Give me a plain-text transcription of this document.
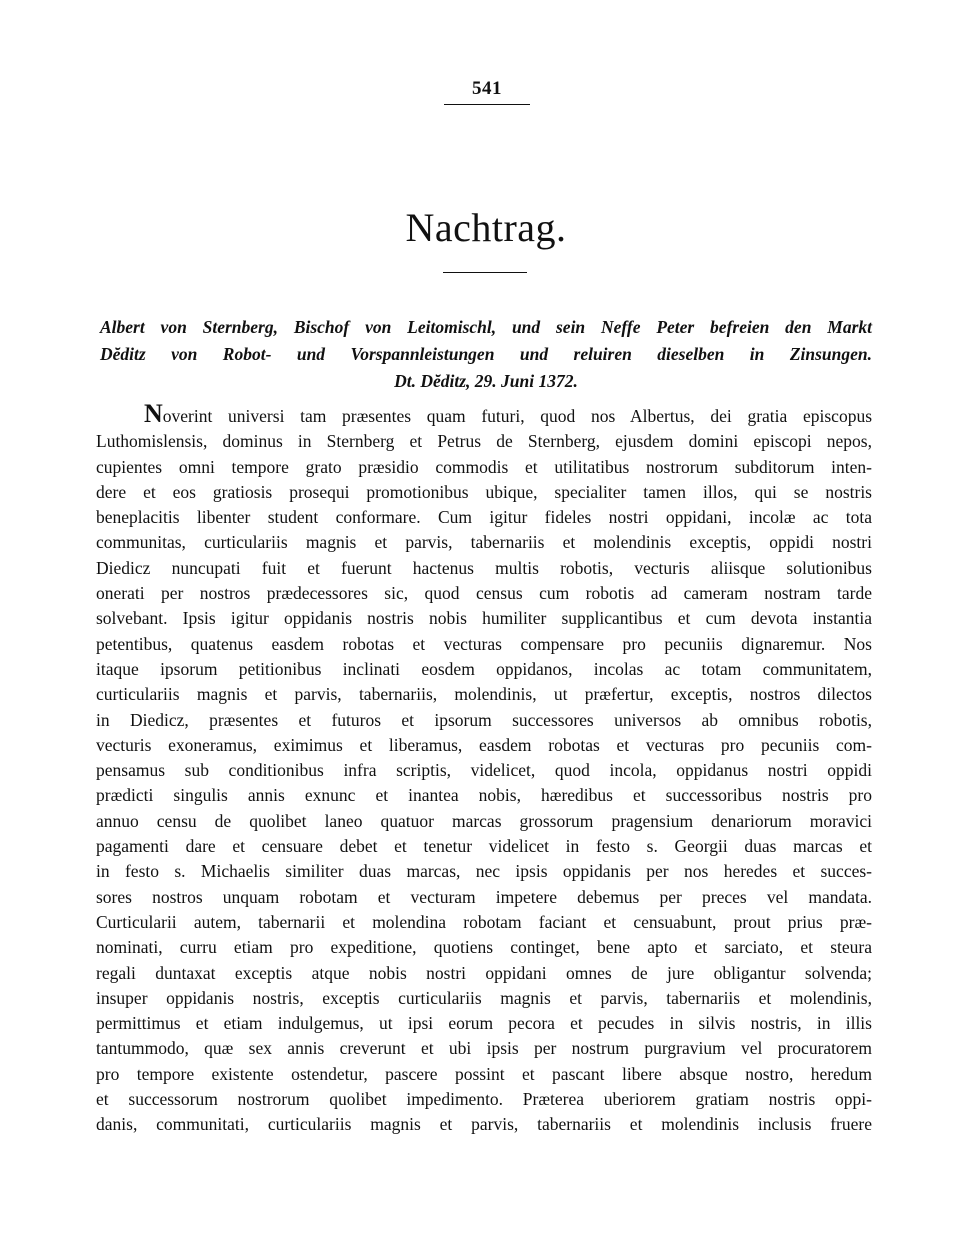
541
Nachtrag.
Albert von Sternberg, Bischof von Leitomischl, und sein Neffe Peter befreien den Markt
Dĕditz von Robot- und Vorspannleistungen und reluiren dieselben in Zinsungen.
Dt. Dĕditz, 29. Juni 1372.
Noverint universi tam præsentes quam futuri, quod nos Albertus, dei gratia episcopus
Luthomislensis, dominus in Sternberg et Petrus de Sternberg, ejusdem domini episcopi nepos,
cupientes omni tempore grato præsidio commodis et utilitatibus nostrorum subditorum inten-
dere et eos gratiosis prosequi promotionibus ubique, specialiter tamen illos, qui se nostris
beneplacitis libenter student conformare. Cum igitur fideles nostri oppidani, incolæ ac tota
communitas, curticulariis magnis et parvis, tabernariis et molendinis exceptis, oppidi nostri
Diedicz nuncupati fuit et fuerunt hactenus multis robotis, vecturis aliisque solutionibus
onerati per nostros prædecessores sic, quod census cum robotis ad cameram nostram tarde
solvebant. Ipsis igitur oppidanis nostris nobis humiliter supplicantibus et cum devota instantia
petentibus, quatenus easdem robotas et vecturas compensare pro pecuniis dignaremur. Nos
itaque ipsorum petitionibus inclinati eosdem oppidanos, incolas ac totam communitatem,
curticulariis magnis et parvis, tabernariis, molendinis, ut præfertur, exceptis, nostros dilectos
in Diedicz, præsentes et futuros et ipsorum successores universos ab omnibus robotis,
vecturis exoneramus, eximimus et liberamus, easdem robotas et vecturas pro pecuniis com-
pensamus sub conditionibus infra scriptis, videlicet, quod incola, oppidanus nostri oppidi
prædicti singulis annis exnunc et inantea nobis, hæredibus et successoribus nostris pro
annuo censu de quolibet laneo quatuor marcas grossorum pragensium denariorum moravici
pagamenti dare et censuare debet et tenetur videlicet in festo s. Georgii duas marcas et
in festo s. Michaelis similiter duas marcas, nec ipsis oppidanis per nos heredes et succes-
sores nostros unquam robotam et vecturam impetere debemus per preces vel mandata.
Curticularii autem, tabernarii et molendina robotam faciant et censuabunt, prout prius præ-
nominati, curru etiam pro expeditione, quotiens continget, bene apto et sarciato, et steura
regali duntaxat exceptis atque nobis nostri oppidani omnes de jure obligantur solvenda;
insuper oppidanis nostris, exceptis curticulariis magnis et parvis, tabernariis et molendinis,
permittimus et etiam indulgemus, ut ipsi eorum pecora et pecudes in silvis nostris, in illis
tantummodo, quæ sex annis creverunt et ubi ipsis per nostrum purgravium vel procuratorem
pro tempore existente ostendetur, pascere possint et pascant libere absque nostro, heredum
et successorum nostrorum quolibet impedimento. Præterea uberiorem gratiam nostris oppi-
danis, communitati, curticulariis magnis et parvis, tabernariis et molendinis inclusis fruere
